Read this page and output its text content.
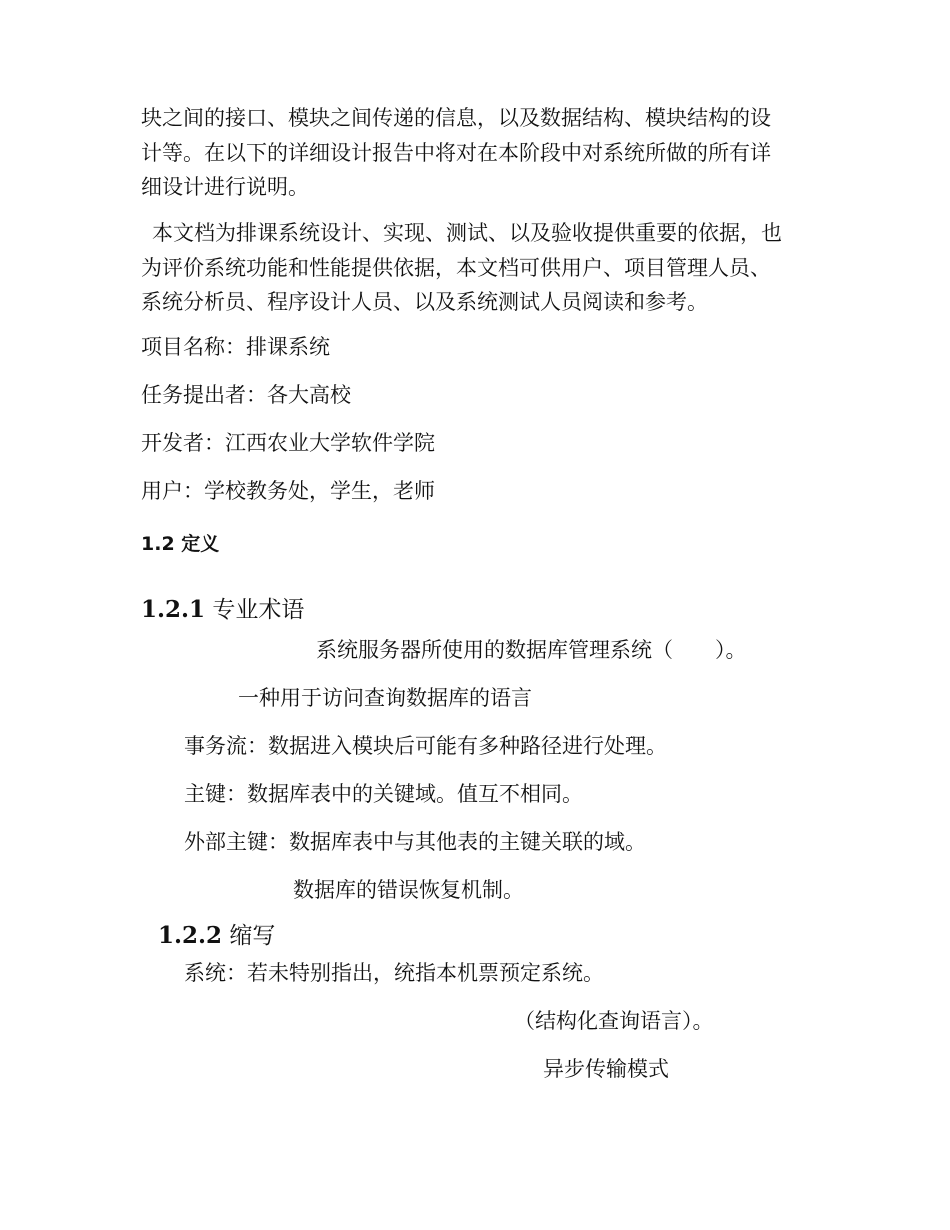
块之间的接口、模块之间传递的信息，以及数据结构、模块结构的设
计等。在以下的详细设计报告中将对在本阶段中对系统所做的所有详
细设计进行说明。
本文档为排课系统设计、实现、测试、以及验收提供重要的依据，也
为评价系统功能和性能提供依据，本文档可供用户、项目管理人员、
系统分析员、程序设计人员、以及系统测试人员阅读和参考。
项目名称：排课系统
任务提出者：各大高校
开发者：江西农业大学软件学院
用户：学校教务处，学生，老师
1.2 定义
1.2.1 专业术语
系统服务器所使用的数据库管理系统（　　）。
一种用于访问查询数据库的语言
事务流：数据进入模块后可能有多种路径进行处理。
主键：数据库表中的关键域。值互不相同。
外部主键：数据库表中与其他表的主键关联的域。
数据库的错误恢复机制。
1.2.2 缩写
系统：若未特别指出，统指本机票预定系统。
（结构化查询语言）。
异步传输模式
